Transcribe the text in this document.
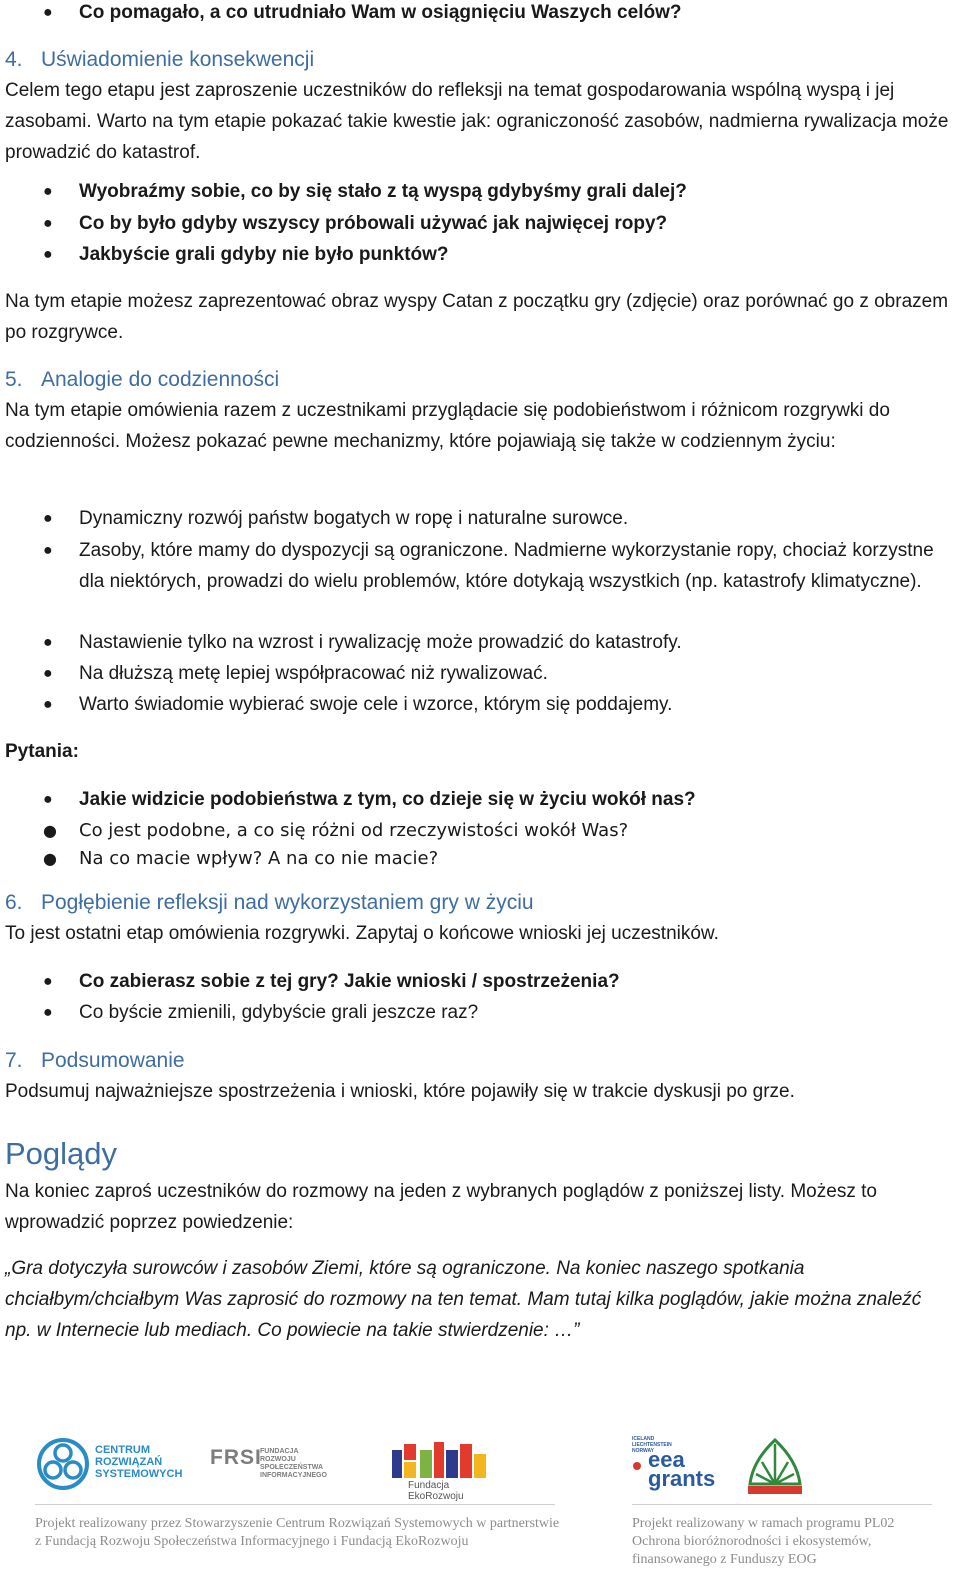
● Co pomagało, a co utrudniało Wam w osiągnięciu Waszych celów?
4. Uświadomienie konsekwencji

Celem tego etapu jest zaproszenie uczestników do refleksji na temat gospodarowania wspólną wyspą i jej zasobami. Warto na tym etapie pokazać takie kwestie jak: ograniczoność zasobów, nadmierna rywalizacja może prowadzić do katastrof.

● Wyobraźmy sobie, co by się stało z tą wyspą gdybyśmy grali dalej?
● Co by było gdyby wszyscy próbowali używać jak najwięcej ropy?
● Jakbyście grali gdyby nie było punktów?

Na tym etapie możesz zaprezentować obraz wyspy Catan z początku gry (zdjęcie) oraz porównać go z obrazem po rozgrywce.

5. Analogie do codzienności

Na tym etapie omówienia razem z uczestnikami przyglądacie się podobieństwom i różnicom rozgrywki do codzienności. Możesz pokazać pewne mechanizmy, które pojawiają się także w codziennym życiu:

● Dynamiczny rozwój państw bogatych w ropę i naturalne surowce.
● Zasoby, które mamy do dyspozycji są ograniczone. Nadmierne wykorzystanie ropy, chociaż korzystne dla niektórych, prowadzi do wielu problemów, które dotykają wszystkich (np. katastrofy klimatyczne).
● Nastawienie tylko na wzrost i rywalizację może prowadzić do katastrofy.
● Na dłuższą metę lepiej współpracować niż rywalizować.
● Warto świadomie wybierać swoje cele i wzorce, którym się poddajemy.
Pytania:
● Jakie widzicie podobieństwa z tym, co dzieje się w życiu wokół nas?
● Co jest podobne, a co się różni od rzeczywistości wokół Was?
● Na co macie wpływ? A na co nie macie?
6. Pogłębienie refleksji nad wykorzystaniem gry w życiu

To jest ostatni etap omówienia rozgrywki. Zapytaj o końcowe wnioski jej uczestników.

● Co zabierasz sobie z tej gry? Jakie wnioski / spostrzeżenia?
● Co byście zmienili, gdybyście grali jeszcze raz?
7. Podsumowanie

Podsumuj najważniejsze spostrzeżenia i wnioski, które pojawiły się w trakcie dyskusji po grze.

Poglądy

Na koniec zaproś uczestników do rozmowy na jeden z wybranych poglądów z poniższej listy. Możesz to wprowadzić poprzez powiedzenie:

„Gra dotyczyła surowców i zasobów Ziemi, które są ograniczone. Na koniec naszego spotkania chciałbym/chciałbym Was zaprosić do rozmowy na ten temat. Mam tutaj kilka poglądów, jakie można znaleźć np. w Internecie lub mediach. Co powiecie na takie stwierdzenie: …”

CENTRUM
ROZWIĄZAŃ
SYSTEMOWYCH
FRSI
FUNDACJA
ROZWOJU
SPOŁECZEŃSTWA
INFORMACYJNEGO
Fundacja EkoRozwoju
ICELAND
LIECHTENSTEIN
NORWAY
eea
grants
Projekt realizowany przez Stowarzyszenie Centrum Rozwiązań Systemowych w partnerstwie z Fundacją Rozwoju Społeczeństwa Informacyjnego i Fundacją EkoRozwoju
Projekt realizowany w ramach programu PL02 Ochrona bioróżnorodności i ekosystemów, finansowanego z Funduszy EOG
